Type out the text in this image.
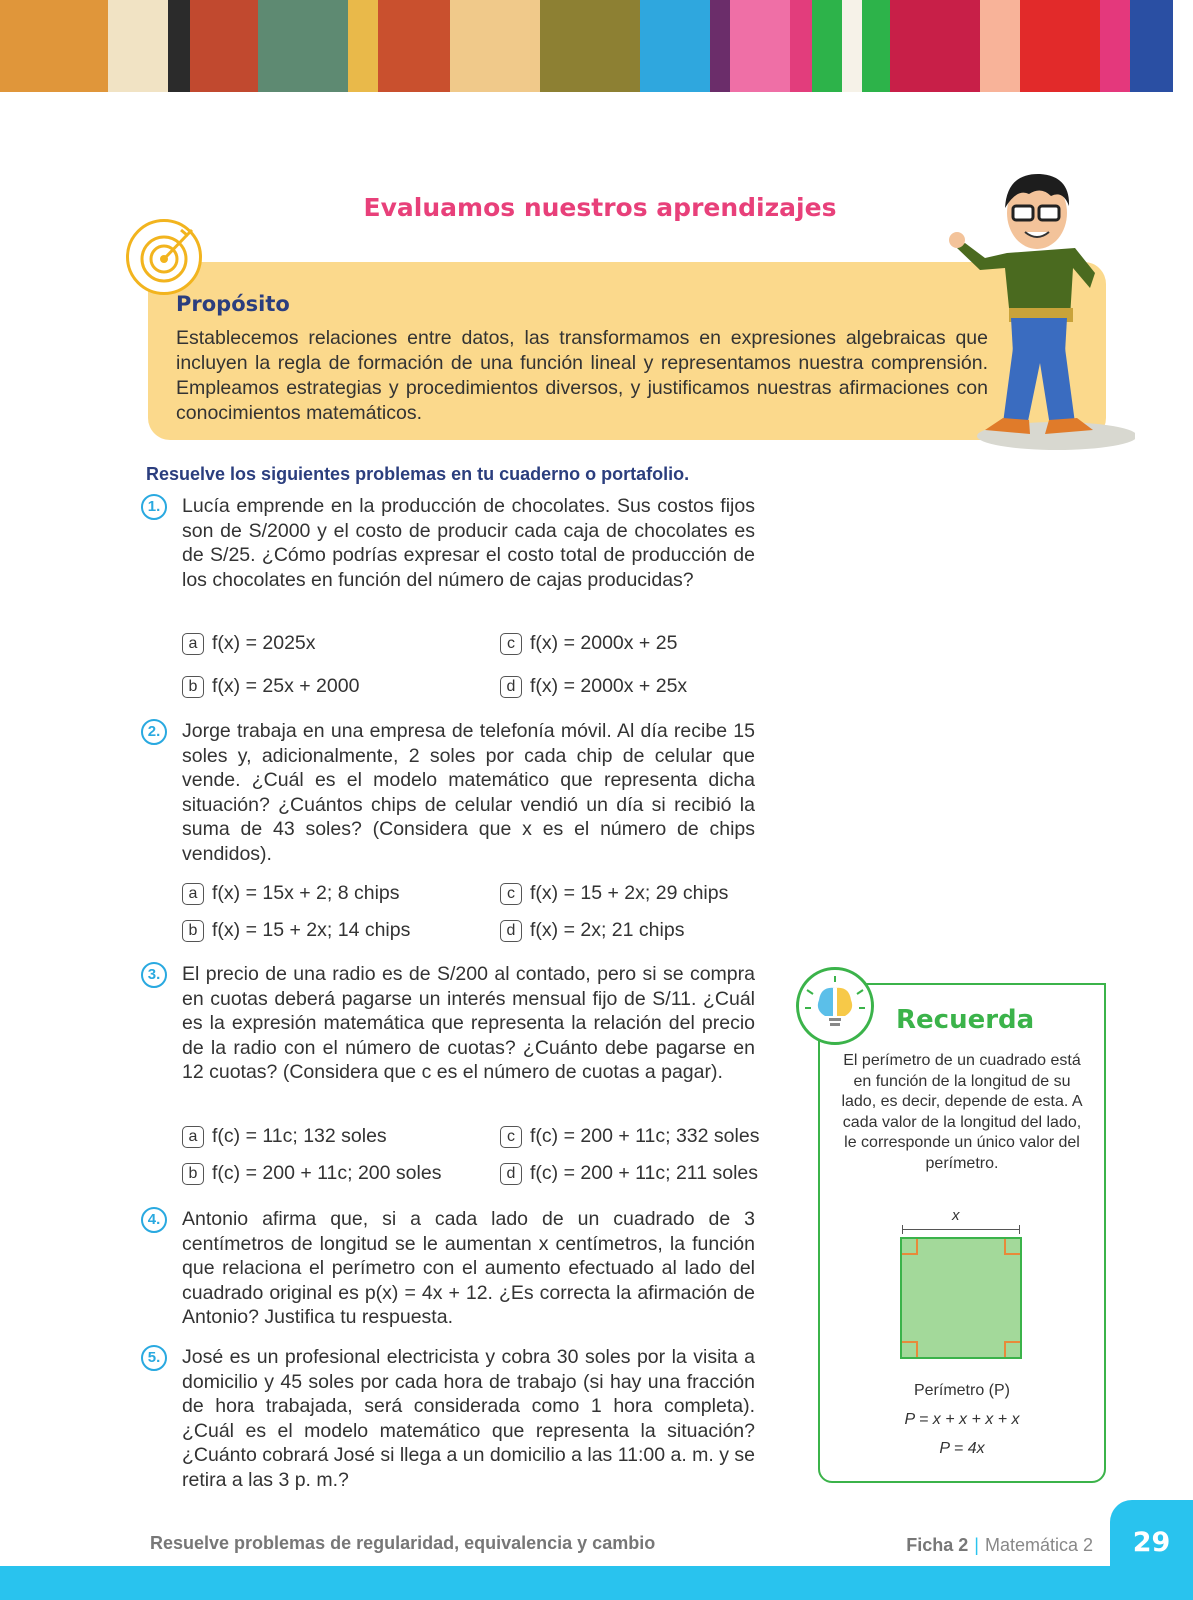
Evaluamos nuestros aprendizajes
Propósito
Establecemos relaciones entre datos, las transformamos en expresiones algebraicas que incluyen la regla de formación de una función lineal y representamos nuestra comprensión. Empleamos estrategias y procedimientos diversos, y justificamos nuestras afirmaciones con conocimientos matemáticos.
Resuelve los siguientes problemas en tu cuaderno o portafolio.
1.	Lucía emprende en la producción de chocolates. Sus costos fijos son de S/2000 y el costo de producir cada caja de chocolates es de S/25. ¿Cómo podrías expresar el costo total de producción de los chocolates en función del número de cajas producidas?
a f(x) = 2025x
b f(x) = 25x + 2000
c f(x) = 2000x + 25
d f(x) = 2000x + 25x
2.	Jorge trabaja en una empresa de telefonía móvil. Al día recibe 15 soles y, adicionalmente, 2 soles por cada chip de celular que vende. ¿Cuál es el modelo matemático que representa dicha situación? ¿Cuántos chips de celular vendió un día si recibió la suma de 43 soles? (Considera que x es el número de chips vendidos).
a f(x) = 15x + 2; 8 chips
b f(x) = 15 + 2x; 14 chips
c f(x) = 15 + 2x; 29 chips
d f(x) = 2x; 21 chips
3.	El precio de una radio es de S/200 al contado, pero si se compra en cuotas deberá pagarse un interés mensual fijo de S/11. ¿Cuál es la expresión matemática que representa la relación del precio de la radio con el número de cuotas? ¿Cuánto debe pagarse en 12 cuotas? (Considera que c es el número de cuotas a pagar).
a f(c) = 11c; 132 soles
b f(c) = 200 + 11c; 200 soles
c f(c) = 200 + 11c; 332 soles
d f(c) = 200 + 11c; 211 soles
4.	Antonio afirma que, si a cada lado de un cuadrado de 3 centímetros de longitud se le aumentan x centímetros, la función que relaciona el perímetro con el aumento efectuado al lado del cuadrado original es p(x) = 4x + 12. ¿Es correcta la afirmación de Antonio? Justifica tu respuesta.
5.	José es un profesional electricista y cobra 30 soles por la visita a domicilio y 45 soles por cada hora de trabajo (si hay una fracción de hora trabajada, será considerada como 1 hora completa). ¿Cuál es el modelo matemático que representa la situación? ¿Cuánto cobrará José si llega a un domicilio a las 11:00 a. m. y se retira a las 3 p. m.?
Recuerda
El perímetro de un cuadrado está en función de la longitud de su lado, es decir, depende de esta. A cada valor de la longitud del lado, le corresponde un único valor del perímetro.
x
Perímetro (P)
P = x + x + x + x
P = 4x
29
Resuelve problemas de regularidad, equivalencia y cambio	Ficha 2 | Matemática 2
